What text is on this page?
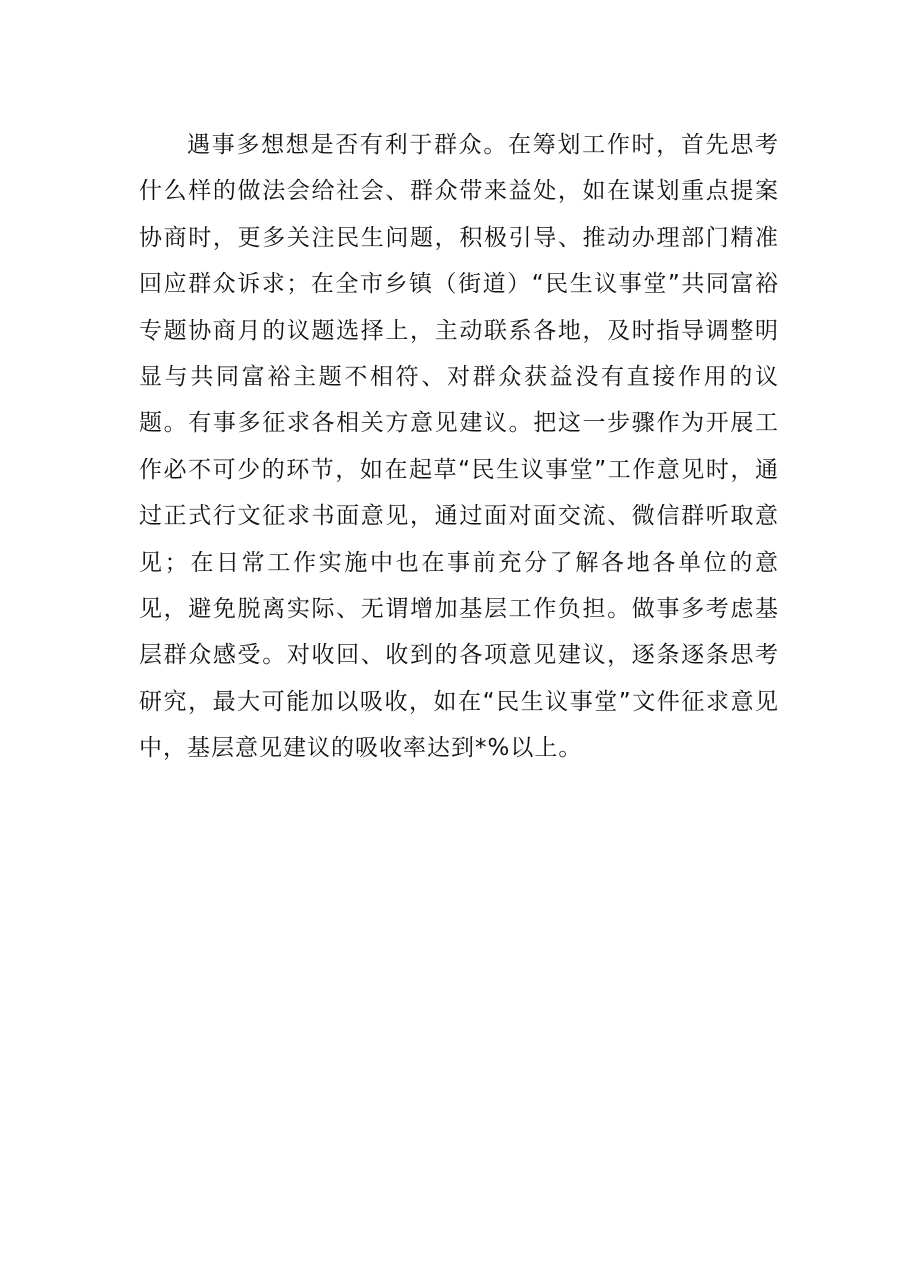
遇事多想想是否有利于群众。在筹划工作时，首先思考什么样的做法会给社会、群众带来益处，如在谋划重点提案协商时，更多关注民生问题，积极引导、推动办理部门精准回应群众诉求；在全市乡镇（街道）“民生议事堂”共同富裕专题协商月的议题选择上，主动联系各地，及时指导调整明显与共同富裕主题不相符、对群众获益没有直接作用的议题。有事多征求各相关方意见建议。把这一步骤作为开展工作必不可少的环节，如在起草“民生议事堂”工作意见时，通过正式行文征求书面意见，通过面对面交流、微信群听取意见；在日常工作实施中也在事前充分了解各地各单位的意见，避免脱离实际、无谓增加基层工作负担。做事多考虑基层群众感受。对收回、收到的各项意见建议，逐条逐条思考研究，最大可能加以吸收，如在“民生议事堂”文件征求意见中，基层意见建议的吸收率达到*%以上。
